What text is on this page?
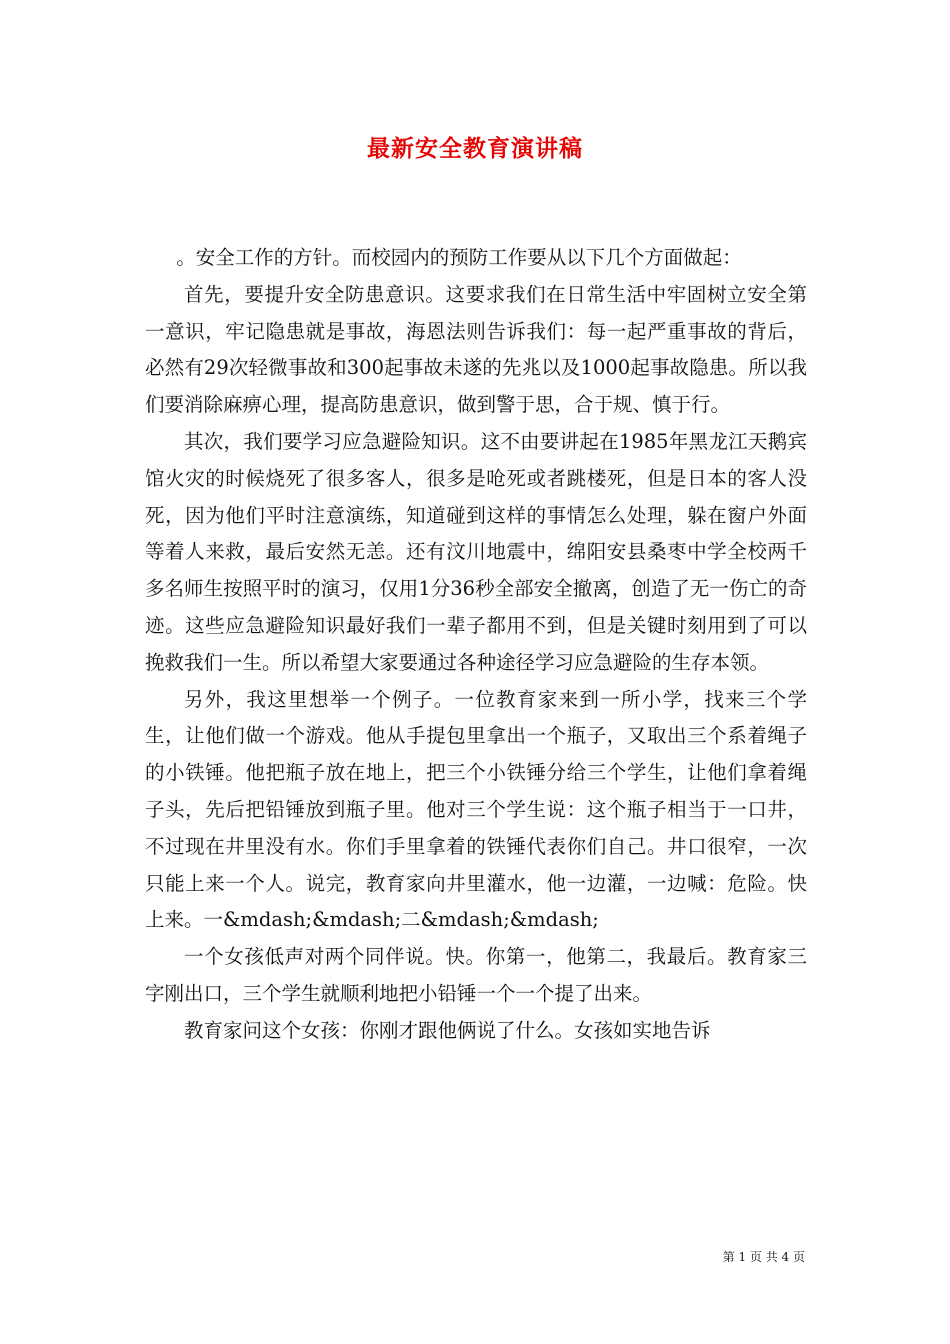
最新安全教育演讲稿

。安全工作的方针。而校园内的预防工作要从以下几个方面做起：

首先，要提升安全防患意识。这要求我们在日常生活中牢固树立安全第一意识，牢记隐患就是事故，海恩法则告诉我们：每一起严重事故的背后，必然有29次轻微事故和300起事故未遂的先兆以及1000起事故隐患。所以我们要消除麻痹心理，提高防患意识，做到警于思，合于规、慎于行。

其次，我们要学习应急避险知识。这不由要讲起在1985年黑龙江天鹅宾馆火灾的时候烧死了很多客人，很多是呛死或者跳楼死，但是日本的客人没死，因为他们平时注意演练，知道碰到这样的事情怎么处理，躲在窗户外面等着人来救，最后安然无恙。还有汶川地震中，绵阳安县桑枣中学全校两千多名师生按照平时的演习，仅用1分36秒全部安全撤离，创造了无一伤亡的奇迹。这些应急避险知识最好我们一辈子都用不到，但是关键时刻用到了可以挽救我们一生。所以希望大家要通过各种途径学习应急避险的生存本领。

另外，我这里想举一个例子。一位教育家来到一所小学，找来三个学生，让他们做一个游戏。他从手提包里拿出一个瓶子，又取出三个系着绳子的小铁锤。他把瓶子放在地上，把三个小铁锤分给三个学生，让他们拿着绳子头，先后把铅锤放到瓶子里。他对三个学生说：这个瓶子相当于一口井，不过现在井里没有水。你们手里拿着的铁锤代表你们自己。井口很窄，一次只能上来一个人。说完，教育家向井里灌水，他一边灌，一边喊：危险。快上来。一&mdash;&mdash;二&mdash;&mdash;

一个女孩低声对两个同伴说。快。你第一，他第二，我最后。教育家三字刚出口，三个学生就顺利地把小铅锤一个一个提了出来。

教育家问这个女孩：你刚才跟他俩说了什么。女孩如实地告诉

第 1 页 共 4 页
